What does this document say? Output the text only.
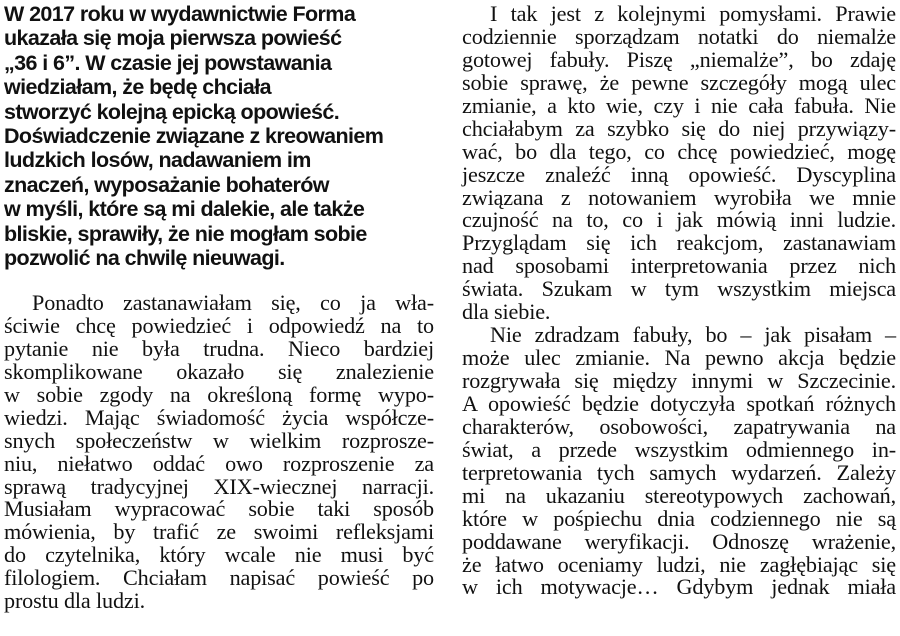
W 2017 roku w wydawnictwie Forma
ukazała się moja pierwsza powieść
„36 i 6”. W czasie jej powstawania
wiedziałam, że będę chciała
stworzyć kolejną epicką opowieść.
Doświadczenie związane z kreowaniem
ludzkich losów, nadawaniem im
znaczeń, wyposażanie bohaterów
w myśli, które są mi dalekie, ale także
bliskie, sprawiły, że nie mogłam sobie
pozwolić na chwilę nieuwagi.
Ponadto zastanawiałam się, co ja wła-
ściwie chcę powiedzieć i odpowiedź na to
pytanie nie była trudna. Nieco bardziej
skomplikowane okazało się znalezienie
w sobie zgody na określoną formę wypo-
wiedzi. Mając świadomość życia współcze-
snych społeczeństw w wielkim rozprosze-
niu, niełatwo oddać owo rozproszenie za
sprawą tradycyjnej XIX-wiecznej narracji.
Musiałam wypracować sobie taki sposób
mówienia, by trafić ze swoimi refleksjami
do czytelnika, który wcale nie musi być
filologiem. Chciałam napisać powieść po
prostu dla ludzi.
I tak jest z kolejnymi pomysłami. Prawie
codziennie sporządzam notatki do niemalże
gotowej fabuły. Piszę „niemalże”, bo zdaję
sobie sprawę, że pewne szczegóły mogą ulec
zmianie, a kto wie, czy i nie cała fabuła. Nie
chciałabym za szybko się do niej przywiązy-
wać, bo dla tego, co chcę powiedzieć, mogę
jeszcze znaleźć inną opowieść. Dyscyplina
związana z notowaniem wyrobiła we mnie
czujność na to, co i jak mówią inni ludzie.
Przyglądam się ich reakcjom, zastanawiam
nad sposobami interpretowania przez nich
świata. Szukam w tym wszystkim miejsca
dla siebie.
Nie zdradzam fabuły, bo – jak pisałam –
może ulec zmianie. Na pewno akcja będzie
rozgrywała się między innymi w Szczecinie.
A opowieść będzie dotyczyła spotkań różnych
charakterów, osobowości, zapatrywania na
świat, a przede wszystkim odmiennego in-
terpretowania tych samych wydarzeń. Zależy
mi na ukazaniu stereotypowych zachowań,
które w pośpiechu dnia codziennego nie są
poddawane weryfikacji. Odnoszę wrażenie,
że łatwo oceniamy ludzi, nie zagłębiając się
w ich motywacje… Gdybym jednak miała
